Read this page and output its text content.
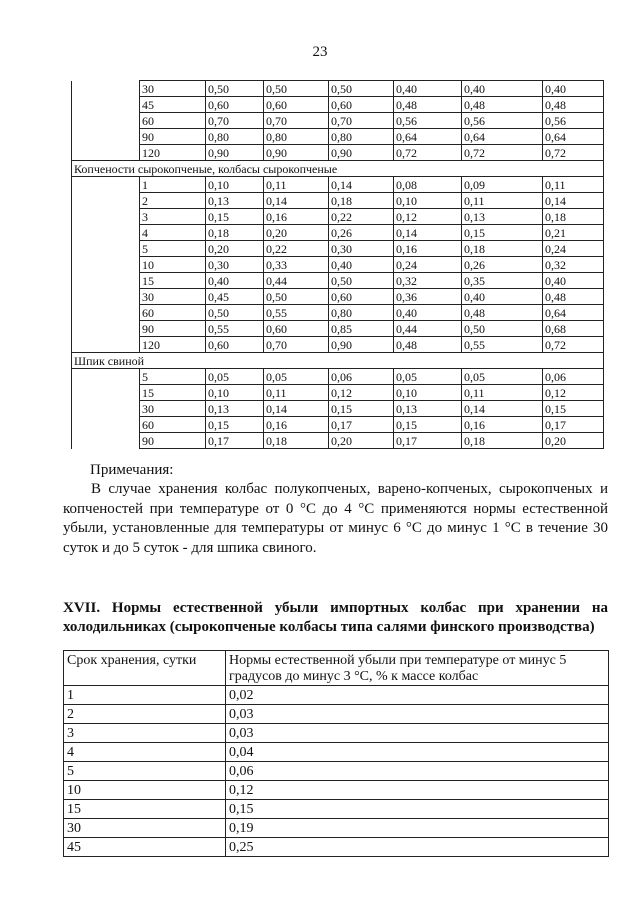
23
	30	0,50	0,50	0,50	0,40	0,40	0,40
	45	0,60	0,60	0,60	0,48	0,48	0,48
	60	0,70	0,70	0,70	0,56	0,56	0,56
	90	0,80	0,80	0,80	0,64	0,64	0,64
	120	0,90	0,90	0,90	0,72	0,72	0,72
Копчености сырокопченые, колбасы сырокопченые							
	1	0,10	0,11	0,14	0,08	0,09	0,11
	2	0,13	0,14	0,18	0,10	0,11	0,14
	3	0,15	0,16	0,22	0,12	0,13	0,18
	4	0,18	0,20	0,26	0,14	0,15	0,21
	5	0,20	0,22	0,30	0,16	0,18	0,24
	10	0,30	0,33	0,40	0,24	0,26	0,32
	15	0,40	0,44	0,50	0,32	0,35	0,40
	30	0,45	0,50	0,60	0,36	0,40	0,48
	60	0,50	0,55	0,80	0,40	0,48	0,64
	90	0,55	0,60	0,85	0,44	0,50	0,68
	120	0,60	0,70	0,90	0,48	0,55	0,72
Шпик свиной							
	5	0,05	0,05	0,06	0,05	0,05	0,06
	15	0,10	0,11	0,12	0,10	0,11	0,12
	30	0,13	0,14	0,15	0,13	0,14	0,15
	60	0,15	0,16	0,17	0,15	0,16	0,17
	90	0,17	0,18	0,20	0,17	0,18	0,20
Примечания:
В случае хранения колбас полукопченых, варено-копченых, сырокопченых и копченостей при температуре от 0 °С до 4 °С применяются нормы естественной убыли, установленные для температуры от минус 6 °С до минус 1 °С в течение 30 суток и до 5 суток - для шпика свиного.
XVII. Нормы естественной убыли импортных колбас при хранении на холодильниках (сырокопченые колбасы типа салями финского производства)
Срок хранения, сутки	Нормы естественной убыли при температуре от минус 5 градусов до минус 3 °С, % к массе колбас
1	0,02
2	0,03
3	0,03
4	0,04
5	0,06
10	0,12
15	0,15
30	0,19
45	0,25
